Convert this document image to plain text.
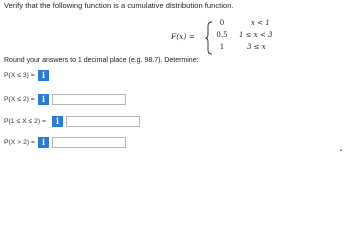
Verify that the following function is a cumulative distribution function.
F(x) =
0	x < 1
0.5	1 ≤ x < 3
1	3 ≤ x
Round your answers to 1 decimal place (e.g. 98.7). Determine:
P(X ≤ 3) = i
P(X ≤ 2) = i
P(1 ≤ X ≤ 2) =	i
P(X > 2) = i
▪
